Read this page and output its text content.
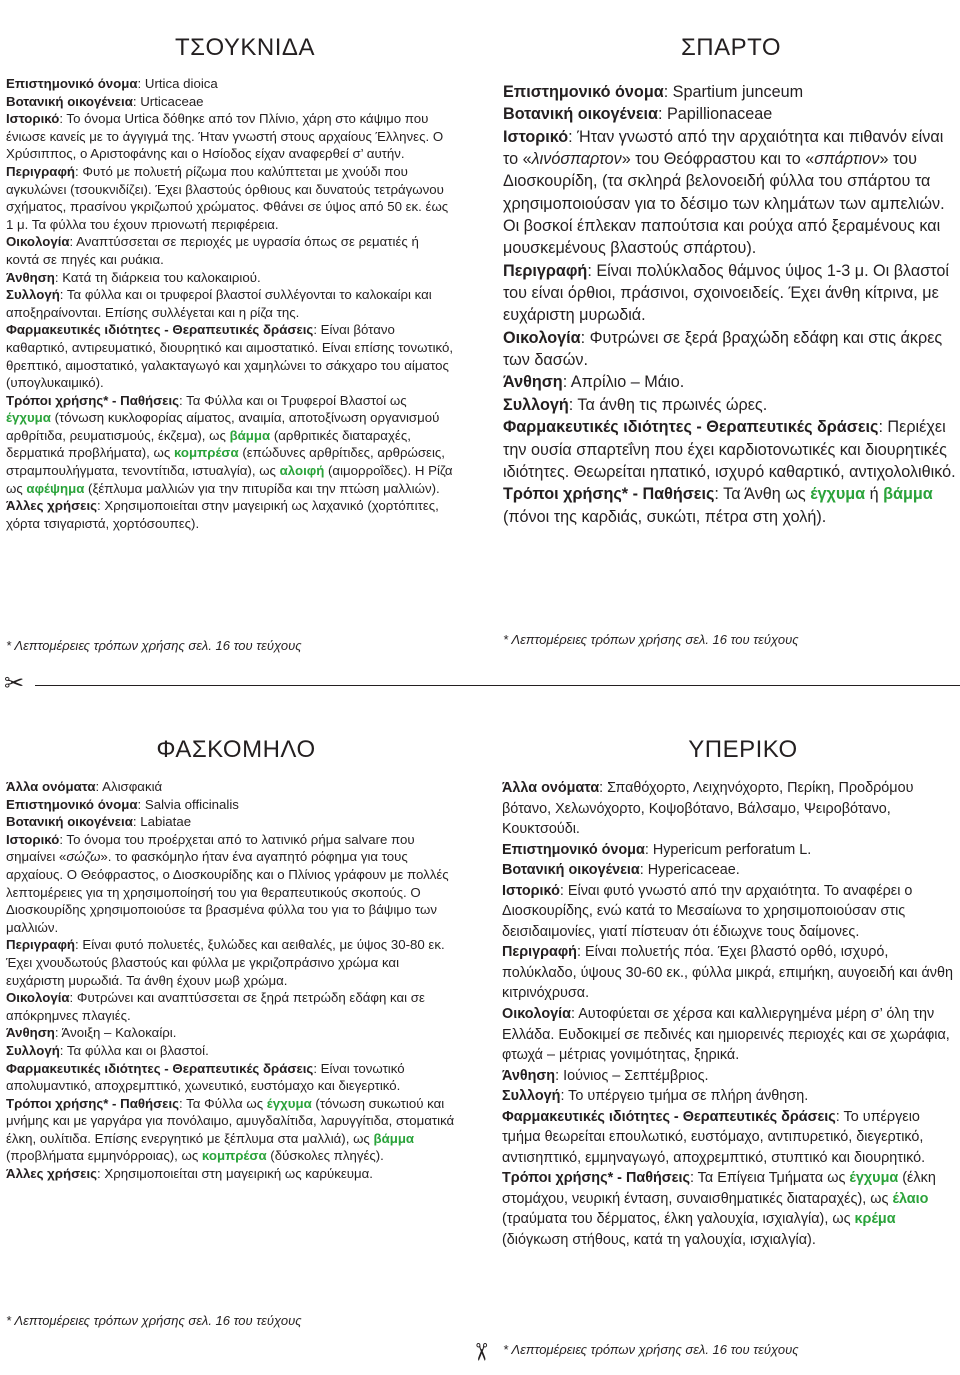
ΤΣΟΥΚΝΙΔΑ

Επιστημονικό όνομα: Urtica dioica

Βοτανική οικογένεια: Urticaceae

Ιστορικό: Το όνομα Urtica δόθηκε από τον Πλίνιο, χάρη στο κάψιμο που ένιωσε κανείς με το άγγιγμά της. Ήταν γνωστή στους αρχαίους Έλληνες. Ο Χρύσιππος, ο Αριστοφάνης και ο Ησίοδος είχαν αναφερθεί σ’ αυτήν.

Περιγραφή: Φυτό με πολυετή ρίζωμα που καλύπτεται με χνούδι που αγκυλώνει (τσουκνιδίζει). Έχει βλαστούς όρθιους και δυνατούς τετράγωνου σχήματος, πρασίνου γκριζωπού χρώματος. Φθάνει σε ύψος από 50 εκ. έως 1 μ. Τα φύλλα του έχουν πριονωτή περιφέρεια.

Οικολογία: Αναπτύσσεται σε περιοχές με υγρασία όπως σε ρεματιές ή κοντά σε πηγές και ρυάκια.

Άνθηση: Κατά τη διάρκεια του καλοκαιριού.

Συλλογή: Τα φύλλα και οι τρυφεροί βλαστοί συλλέγονται το καλοκαίρι και αποξηραίνονται. Επίσης συλλέγεται και η ρίζα της.

Φαρμακευτικές ιδιότητες - Θεραπευτικές δράσεις: Είναι βότανο καθαρτικό, αντιρευματικό, διουρητικό και αιμοστατικό. Είναι επίσης τονωτικό, θρεπτικό, αιμοστατικό, γαλακταγωγό και χαμηλώνει το σάκχαρο του αίματος (υπογλυκαιμικό).

Τρόποι χρήσης* - Παθήσεις: Τα Φύλλα και οι Τρυφεροί Βλαστοί ως έγχυμα (τόνωση κυκλοφορίας αίματος, αναιμία, αποτοξίνωση οργανισμού αρθρίτιδα, ρευματισμούς, έκζεμα), ως βάμμα (αρθριτικές διαταραχές, δερματικά προβλήματα), ως κομπρέσα (επώδυνες αρθρίτιδες, αρθρώσεις, στραμπουλήγματα, τενοντίτιδα, ιστυαλγία), ως αλοιφή (αιμορροΐδες). Η Ρίζα ως αφέψημα (ξέπλυμα μαλλιών για την πιτυρίδα και την πτώση μαλλιών).

Άλλες χρήσεις: Χρησιμοποιείται στην μαγειρική ως λαχανικό (χορτόπιτες, χόρτα τσιγαριστά, χορτόσουπες).

* Λεπτομέρειες τρόπων χρήσης σελ. 16 του τεύχους
ΣΠΑΡΤΟ

Επιστημονικό όνομα: Spartium junceum

Βοτανική οικογένεια: Papillionaceae

Ιστορικό: Ήταν γνωστό από την αρχαιότητα και πιθανόν είναι το «λινόσπαρτον» του Θεόφραστου και το «σπάρτιον» του Διοσκουρίδη, (τα σκληρά βελονοειδή φύλλα του σπάρτου τα χρησιμοποιούσαν για το δέσιμο των κλημάτων των αμπελιών. Οι βοσκοί έπλεκαν παπούτσια και ρούχα από ξεραμένους και μουσκεμένους βλαστούς σπάρτου).

Περιγραφή: Είναι πολύκλαδος θάμνος ύψος 1-3 μ. Οι βλαστοί του είναι όρθιοι, πράσινοι, σχοινοειδείς. Έχει άνθη κίτρινα, με ευχάριστη μυρωδιά.

Οικολογία: Φυτρώνει σε ξερά βραχώδη εδάφη και στις άκρες των δασών.

Άνθηση: Απρίλιο – Μάιο.

Συλλογή: Τα άνθη τις πρωινές ώρες.

Φαρμακευτικές ιδιότητες - Θεραπευτικές δράσεις: Περιέχει την ουσία σπαρτεΐνη που έχει καρδιοτονωτικές και διουρητικές ιδιότητες. Θεωρείται ηπατικό, ισχυρό καθαρτικό, αντιχολολιθικό.

Τρόποι χρήσης* - Παθήσεις: Τα Άνθη ως έγχυμα ή βάμμα (πόνοι της καρδιάς, συκώτι, πέτρα στη χολή).

* Λεπτομέρειες τρόπων χρήσης σελ. 16 του τεύχους
✂
ΦΑΣΚΟΜΗΛΟ

Άλλα ονόματα: Αλισφακιά

Επιστημονικό όνομα: Salvia officinalis

Βοτανική οικογένεια: Labiatae

Ιστορικό: Το όνομα του προέρχεται από το λατινικό ρήμα salvare που σημαίνει «σώζω». το φασκόμηλο ήταν ένα αγαπητό ρόφημα για τους αρχαίους. Ο Θεόφραστος, ο Διοσκουρίδης και ο Πλίνιος γράφουν με πολλές λεπτομέρειες για τη χρησιμοποίησή του για θεραπευτικούς σκοπούς. Ο Διοσκουρίδης χρησιμοποιούσε τα βρασμένα φύλλα του για το βάψιμο των μαλλιών.

Περιγραφή: Είναι φυτό πολυετές, ξυλώδες και αειθαλές, με ύψος 30-80 εκ. Έχει χνουδωτούς βλαστούς και φύλλα με γκριζοπράσινο χρώμα και ευχάριστη μυρωδιά. Τα άνθη έχουν μωβ χρώμα.

Οικολογία: Φυτρώνει και αναπτύσσεται σε ξηρά πετρώδη εδάφη και σε απόκρημνες πλαγιές.

Άνθηση: Άνοιξη – Καλοκαίρι.

Συλλογή: Τα φύλλα και οι βλαστοί.

Φαρμακευτικές ιδιότητες - Θεραπευτικές δράσεις: Είναι τονωτικό απολυμαντικό, αποχρεμπτικό, χωνευτικό, ευστόμαχο και διεγερτικό.

Τρόποι χρήσης* - Παθήσεις: Τα Φύλλα ως έγχυμα (τόνωση συκωτιού και μνήμης και με γαργάρα για πονόλαιμο, αμυγδαλίτιδα, λαρυγγίτιδα, στοματικά έλκη, ουλίτιδα. Επίσης ενεργητικό με ξέπλυμα στα μαλλιά), ως βάμμα (προβλήματα εμμηνόρροιας), ως κομπρέσα (δύσκολες πληγές).

Άλλες χρήσεις: Χρησιμοποιείται στη μαγειρική ως καρύκευμα.

* Λεπτομέρειες τρόπων χρήσης σελ. 16 του τεύχους
ΥΠΕΡΙΚΟ

Άλλα ονόματα: Σπαθόχορτο, Λειχηνόχορτο, Περίκη, Προδρόμου βότανο, Χελωνόχορτο, Κοψοβότανο, Βάλσαμο, Ψειροβότανο, Κουκτσούδι.

Επιστημονικό όνομα: Hypericum perforatum L.

Βοτανική οικογένεια: Hypericaceae.

Ιστορικό: Είναι φυτό γνωστό από την αρχαιότητα. Το αναφέρει ο Διοσκουρίδης, ενώ κατά το Μεσαίωνα το χρησιμοποιούσαν στις δεισιδαιμονίες, γιατί πίστευαν ότι έδιωχνε τους δαίμονες.

Περιγραφή: Είναι πολυετής πόα. Έχει βλαστό ορθό, ισχυρό, πολύκλαδο, ύψους 30-60 εκ., φύλλα μικρά, επιμήκη, αυγοειδή και άνθη κιτρινόχρυσα.

Οικολογία: Αυτοφύεται σε χέρσα και καλλιεργημένα μέρη σ’ όλη την Ελλάδα. Ευδοκιμεί σε πεδινές και ημιορεινές περιοχές και σε χωράφια, φτωχά – μέτριας γονιμότητας, ξηρικά.

Άνθηση: Ιούνιος – Σεπτέμβριος.

Συλλογή: Το υπέργειο τμήμα σε πλήρη άνθηση.

Φαρμακευτικές ιδιότητες - Θεραπευτικές δράσεις: Το υπέργειο τμήμα θεωρείται επουλωτικό, ευστόμαχο, αντιπυρετικό, διεγερτικό, αντισηπτικό, εμμηναγωγό, αποχρεμπτικό, στυπτικό και διουρητικό.

Τρόποι χρήσης* - Παθήσεις: Τα Επίγεια Τμήματα ως έγχυμα (έλκη στομάχου, νευρική ένταση, συναισθηματικές διαταραχές), ως έλαιο (τραύματα του δέρματος, έλκη γαλουχία, ισχιαλγία), ως κρέμα (διόγκωση στήθους, κατά τη γαλουχία, ισχιαλγία).

* Λεπτομέρειες τρόπων χρήσης σελ. 16 του τεύχους
✂
